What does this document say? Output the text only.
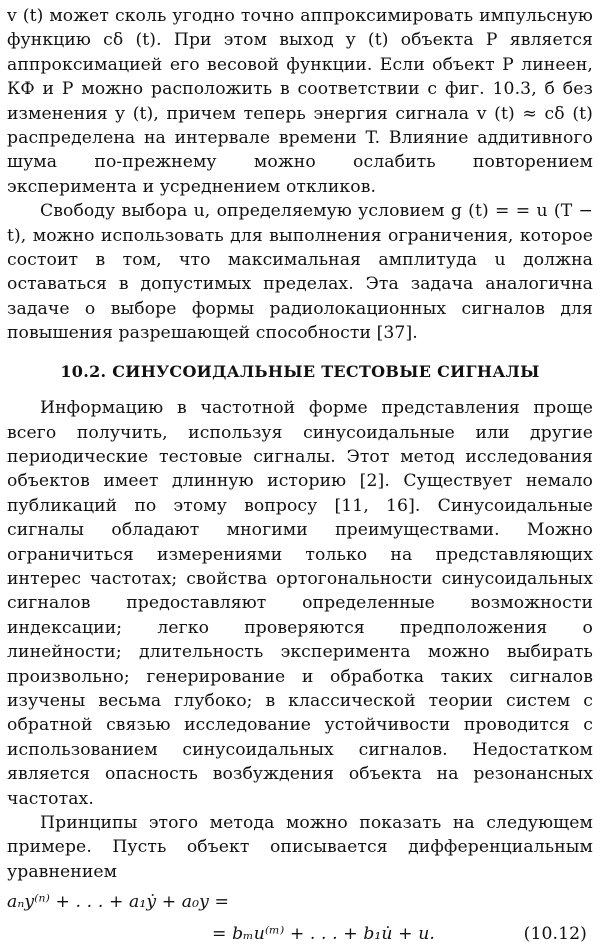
v (t) может сколь угодно точно аппроксимировать импульсную функцию cδ (t). При этом выход y (t) объекта P является аппроксимацией его весовой функции. Если объект P линеен, КФ и P можно расположить в соответствии с фиг. 10.3, б без изменения y (t), причем теперь энергия сигнала v (t) ≈ cδ (t) распределена на интервале времени T. Влияние аддитивного шума по-прежнему можно ослабить повторением эксперимента и усреднением откликов.

Свободу выбора u, определяемую условием g (t) = = u (T − t), можно использовать для выполнения ограничения, которое состоит в том, что максимальная амплитуда u должна оставаться в допустимых пределах. Эта задача аналогична задаче о выборе формы радиолокационных сигналов для повышения разрешающей способности [37].

10.2. СИНУСОИДАЛЬНЫЕ ТЕСТОВЫЕ СИГНАЛЫ

Информацию в частотной форме представления проще всего получить, используя синусоидальные или другие периодические тестовые сигналы. Этот метод исследования объектов имеет длинную историю [2]. Существует немало публикаций по этому вопросу [11, 16]. Синусоидальные сигналы обладают многими преимуществами. Можно ограничиться измерениями только на представляющих интерес частотах; свойства ортогональности синусоидальных сигналов предоставляют определенные возможности индексации; легко проверяются предположения о линейности; длительность эксперимента можно выбирать произвольно; генерирование и обработка таких сигналов изучены весьма глубоко; в классической теории систем с обратной связью исследование устойчивости проводится с использованием синусоидальных сигналов. Недостатком является опасность возбуждения объекта на резонансных частотах.

Принципы этого метода можно показать на следующем примере. Пусть объект описывается дифференциальным уравнением

aₙy⁽ⁿ⁾ + . . . + a₁ẏ + a₀y =
= bₘu⁽ᵐ⁾ + . . . + b₁u̇ + u.	(10.12)
